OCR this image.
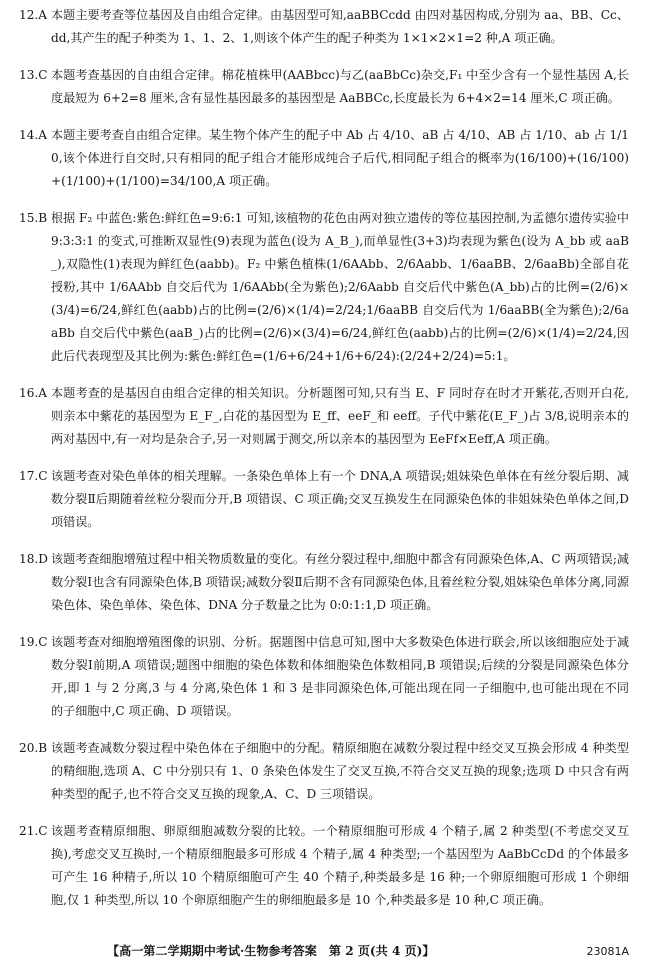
12.A 本题主要考查等位基因及自由组合定律。由基因型可知,aaBBCcdd 由四对基因构成,分别为 aa、BB、Cc、dd,其产生的配子种类为 1、1、2、1,则该个体产生的配子种类为 1×1×2×1=2 种,A 项正确。
13.C 本题考查基因的自由组合定律。棉花植株甲(AABbcc)与乙(aaBbCc)杂交,F₁ 中至少含有一个显性基因 A,长度最短为 6+2=8 厘米,含有显性基因最多的基因型是 AaBBCc,长度最长为 6+4×2=14 厘米,C 项正确。
14.A 本题主要考查自由组合定律。某生物个体产生的配子中 Ab 占 4/10、aB 占 4/10、AB 占 1/10、ab 占 1/10,该个体进行自交时,只有相同的配子组合才能形成纯合子后代,相同配子组合的概率为(16/100)+(16/100)+(1/100)+(1/100)=34/100,A 项正确。
15.B 根据 F₂ 中蓝色:紫色:鲜红色=9:6:1 可知,该植物的花色由两对独立遗传的等位基因控制,为孟德尔遗传实验中 9:3:3:1 的变式,可推断双显性(9)表现为蓝色(设为 A_B_),而单显性(3+3)均表现为紫色(设为 A_bb 或 aaB_),双隐性(1)表现为鲜红色(aabb)。F₂ 中紫色植株(1/6AAbb、2/6Aabb、1/6aaBB、2/6aaBb)全部自花授粉,其中 1/6AAbb 自交后代为 1/6AAbb(全为紫色);2/6Aabb 自交后代中紫色(A_bb)占的比例=(2/6)×(3/4)=6/24,鲜红色(aabb)占的比例=(2/6)×(1/4)=2/24;1/6aaBB 自交后代为 1/6aaBB(全为紫色);2/6aaBb 自交后代中紫色(aaB_)占的比例=(2/6)×(3/4)=6/24,鲜红色(aabb)占的比例=(2/6)×(1/4)=2/24,因此后代表现型及其比例为:紫色:鲜红色=(1/6+6/24+1/6+6/24):(2/24+2/24)=5:1。
16.A 本题考查的是基因自由组合定律的相关知识。分析题图可知,只有当 E、F 同时存在时才开紫花,否则开白花,则亲本中紫花的基因型为 E_F_,白花的基因型为 E_ff、eeF_和 eeff。子代中紫花(E_F_)占 3/8,说明亲本的两对基因中,有一对均是杂合子,另一对则属于测交,所以亲本的基因型为 EeFf×Eeff,A 项正确。
17.C 该题考查对染色单体的相关理解。一条染色单体上有一个 DNA,A 项错误;姐妹染色单体在有丝分裂后期、减数分裂Ⅱ后期随着丝粒分裂而分开,B 项错误、C 项正确;交叉互换发生在同源染色体的非姐妹染色单体之间,D 项错误。
18.D 该题考查细胞增殖过程中相关物质数量的变化。有丝分裂过程中,细胞中都含有同源染色体,A、C 两项错误;减数分裂Ⅰ也含有同源染色体,B 项错误;减数分裂Ⅱ后期不含有同源染色体,且着丝粒分裂,姐妹染色单体分离,同源染色体、染色单体、染色体、DNA 分子数量之比为 0:0:1:1,D 项正确。
19.C 该题考查对细胞增殖图像的识别、分析。据题图中信息可知,图中大多数染色体进行联会,所以该细胞应处于减数分裂Ⅰ前期,A 项错误;题图中细胞的染色体数和体细胞染色体数相同,B 项错误;后续的分裂是同源染色体分开,即 1 与 2 分离,3 与 4 分离,染色体 1 和 3 是非同源染色体,可能出现在同一子细胞中,也可能出现在不同的子细胞中,C 项正确、D 项错误。
20.B 该题考查减数分裂过程中染色体在子细胞中的分配。精原细胞在减数分裂过程中经交叉互换会形成 4 种类型的精细胞,选项 A、C 中分别只有 1、0 条染色体发生了交叉互换,不符合交叉互换的现象;选项 D 中只含有两种类型的配子,也不符合交叉互换的现象,A、C、D 三项错误。
21.C 该题考查精原细胞、卵原细胞减数分裂的比较。一个精原细胞可形成 4 个精子,属 2 种类型(不考虑交叉互换),考虑交叉互换时,一个精原细胞最多可形成 4 个精子,属 4 种类型;一个基因型为 AaBbCcDd 的个体最多可产生 16 种精子,所以 10 个精原细胞可产生 40 个精子,种类最多是 16 种;一个卵原细胞可形成 1 个卵细胞,仅 1 种类型,所以 10 个卵原细胞产生的卵细胞最多是 10 个,种类最多是 10 种,C 项正确。
【高一第二学期期中考试·生物参考答案　第 2 页(共 4 页)】	23081A
